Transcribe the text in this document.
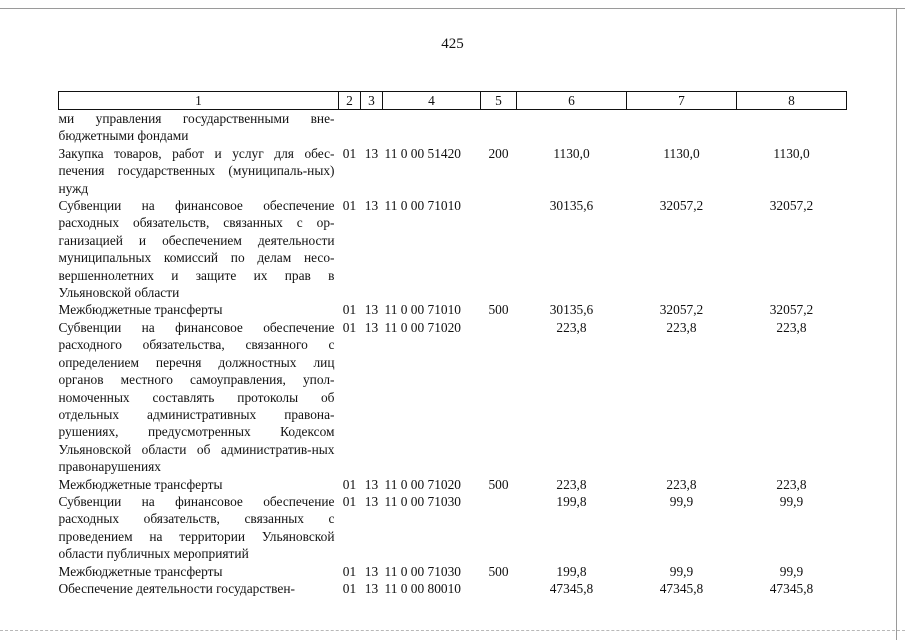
425
1	2	3	4	5	6	7	8
ми управления государственными вне-бюджетными фондами							
Закупка товаров, работ и услуг для обес-печения государственных (муниципаль-ных) нужд	01	13	11 0 00 51420	200	1130,0	1130,0	1130,0
Субвенции на финансовое обеспечение расходных обязательств, связанных с ор-ганизацией и обеспечением деятельности муниципальных комиссий по делам несо-вершеннолетних и защите их прав в Ульяновской области	01	13	11 0 00 71010		30135,6	32057,2	32057,2
Межбюджетные трансферты	01	13	11 0 00 71010	500	30135,6	32057,2	32057,2
Субвенции на финансовое обеспечение расходного обязательства, связанного с определением перечня должностных лиц органов местного самоуправления, упол-номоченных составлять протоколы об отдельных административных правона-рушениях, предусмотренных Кодексом Ульяновской области об административ-ных правонарушениях	01	13	11 0 00 71020		223,8	223,8	223,8
Межбюджетные трансферты	01	13	11 0 00 71020	500	223,8	223,8	223,8
Субвенции на финансовое обеспечение расходных обязательств, связанных с проведением на территории Ульяновской области публичных мероприятий	01	13	11 0 00 71030		199,8	99,9	99,9
Межбюджетные трансферты	01	13	11 0 00 71030	500	199,8	99,9	99,9
Обеспечение деятельности государствен-	01	13	11 0 00 80010		47345,8	47345,8	47345,8
